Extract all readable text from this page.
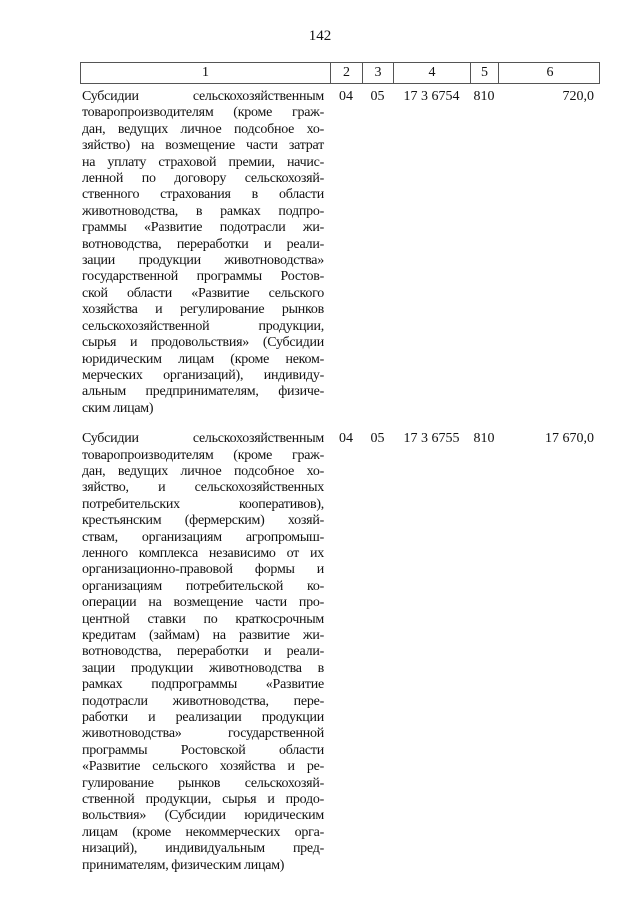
142
1	2	3	4	5	6
Субсидии сельскохозяйственным
товаропроизводителям (кроме граж-
дан, ведущих личное подсобное хо-
зяйство) на возмещение части затрат
на уплату страховой премии, начис-
ленной по договору сельскохозяй-
ственного страхования в области
животноводства, в рамках подпро-
граммы «Развитие подотрасли жи-
вотноводства, переработки и реали-
зации продукции животноводства»
государственной программы Ростов-
ской области «Развитие сельского
хозяйства и регулирование рынков
сельскохозяйственной продукции,
сырья и продовольствия» (Субсидии
юридическим лицам (кроме неком-
мерческих организаций), индивиду-
альным предпринимателям, физиче-
ским лицам)
04	05	17 3 6754	810	720,0
Субсидии сельскохозяйственным
товаропроизводителям (кроме граж-
дан, ведущих личное подсобное хо-
зяйство, и сельскохозяйственных
потребительских кооперативов),
крестьянским (фермерским) хозяй-
ствам, организациям агропромыш-
ленного комплекса независимо от их
организационно-правовой формы и
организациям потребительской ко-
операции на возмещение части про-
центной ставки по краткосрочным
кредитам (займам) на развитие жи-
вотноводства, переработки и реали-
зации продукции животноводства в
рамках подпрограммы «Развитие
подотрасли животноводства, пере-
работки и реализации продукции
животноводства» государственной
программы Ростовской области
«Развитие сельского хозяйства и ре-
гулирование рынков сельскохозяй-
ственной продукции, сырья и продо-
вольствия» (Субсидии юридическим
лицам (кроме некоммерческих орга-
низаций), индивидуальным пред-
принимателям, физическим лицам)
04	05	17 3 6755	810	17 670,0
